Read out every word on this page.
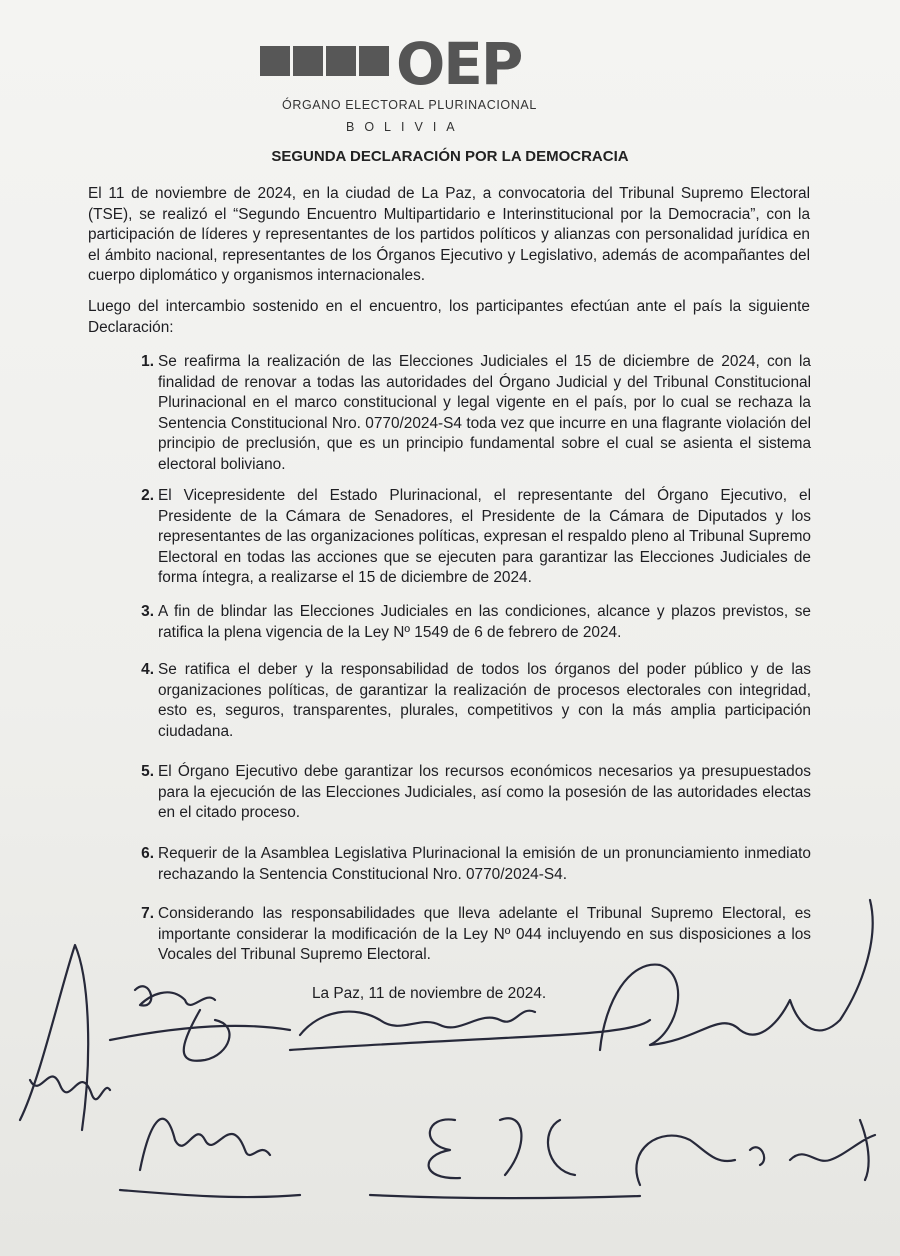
OEP
ÓRGANO ELECTORAL PLURINACIONAL
BOLIVIA
SEGUNDA DECLARACIÓN POR LA DEMOCRACIA

El 11 de noviembre de 2024, en la ciudad de La Paz, a convocatoria del Tribunal Supremo Electoral (TSE), se realizó el “Segundo Encuentro Multipartidario e Interinstitucional por la Democracia”, con la participación de líderes y representantes de los partidos políticos y alianzas con personalidad jurídica en el ámbito nacional, representantes de los Órganos Ejecutivo y Legislativo, además de acompañantes del cuerpo diplomático y organismos internacionales.

Luego del intercambio sostenido en el encuentro, los participantes efectúan ante el país la siguiente Declaración:

1. Se reafirma la realización de las Elecciones Judiciales el 15 de diciembre de 2024, con la finalidad de renovar a todas las autoridades del Órgano Judicial y del Tribunal Constitucional Plurinacional en el marco constitucional y legal vigente en el país, por lo cual se rechaza la Sentencia Constitucional Nro. 0770/2024-S4 toda vez que incurre en una flagrante violación del principio de preclusión, que es un principio fundamental sobre el cual se asienta el sistema electoral boliviano.

2. El Vicepresidente del Estado Plurinacional, el representante del Órgano Ejecutivo, el Presidente de la Cámara de Senadores, el Presidente de la Cámara de Diputados y los representantes de las organizaciones políticas, expresan el respaldo pleno al Tribunal Supremo Electoral en todas las acciones que se ejecuten para garantizar las Elecciones Judiciales de forma íntegra, a realizarse el 15 de diciembre de 2024.

3. A fin de blindar las Elecciones Judiciales en las condiciones, alcance y plazos previstos, se ratifica la plena vigencia de la Ley Nº 1549 de 6 de febrero de 2024.

4. Se ratifica el deber y la responsabilidad de todos los órganos del poder público y de las organizaciones políticas, de garantizar la realización de procesos electorales con integridad, esto es, seguros, transparentes, plurales, competitivos y con la más amplia participación ciudadana.

5. El Órgano Ejecutivo debe garantizar los recursos económicos necesarios ya presupuestados para la ejecución de las Elecciones Judiciales, así como la posesión de las autoridades electas en el citado proceso.

6. Requerir de la Asamblea Legislativa Plurinacional la emisión de un pronunciamiento inmediato rechazando la Sentencia Constitucional Nro. 0770/2024-S4.

7. Considerando las responsabilidades que lleva adelante el Tribunal Supremo Electoral, es importante considerar la modificación de la Ley Nº 044 incluyendo en sus disposiciones a los Vocales del Tribunal Supremo Electoral.

La Paz, 11 de noviembre de 2024.
